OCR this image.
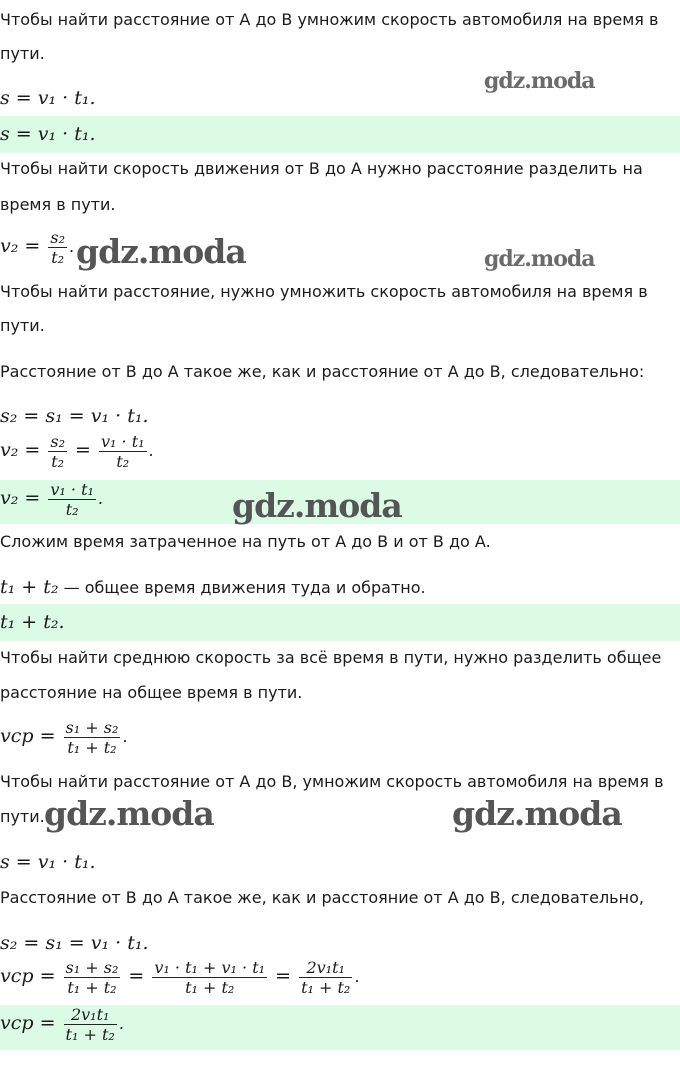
Чтобы найти расстояние от A до B умножим скорость автомобиля на время в
пути.
s = v₁ · t₁.
s = v₁ · t₁.
Чтобы найти скорость движения от B до A нужно расстояние разделить на
время в пути.
$v_2 = \frac{\text{s₂}}{\text{t₂}}$ .
Чтобы найти расстояние, нужно умножить скорость автомобиля на время в
пути.
Расстояние от B до A такое же, как и расстояние от A до B, следовательно:
s₂ = s₁ = v₁ · t₁.
$v_2 = \frac{\text{s₂}}{\text{t₂}} = \frac{\text{v₁ · t₁}}{\text{t₂}}$ .
$v_2 = \frac{\text{v₁ · t₁}}{\text{t₂}}$ .
Сложим время затраченное на путь от A до B и от B до A.
t₁ + t₂ — общее время движения туда и обратно.
t₁ + t₂.
Чтобы найти среднюю скорость за всё время в пути, нужно разделить общее
расстояние на общее время в пути.
vср = $\frac{\text{s₁ + s₂}}{\text{t₁ + t₂}}$ .
Чтобы найти расстояние от A до B, умножим скорость автомобиля на время в
пути.
s = v₁ · t₁.
Расстояние от B до A такое же, как и расстояние от A до B, следовательно,
s₂ = s₁ = v₁ · t₁.
vср = $\frac{\text{s₁ + s₂}}{\text{t₁ + t₂}} = \frac{\text{v₁ · t₁ + v₁ · t₁}}{\text{t₁ + t₂}} = \frac{\text{2v₁t₁}}{\text{t₁ + t₂}}$ .
vср = $\frac{\text{2v₁t₁}}{\text{t₁ + t₂}}$ .
gdz.moda
gdz.moda	gdz.moda
gdz.moda
gdz.moda	gdz.moda
